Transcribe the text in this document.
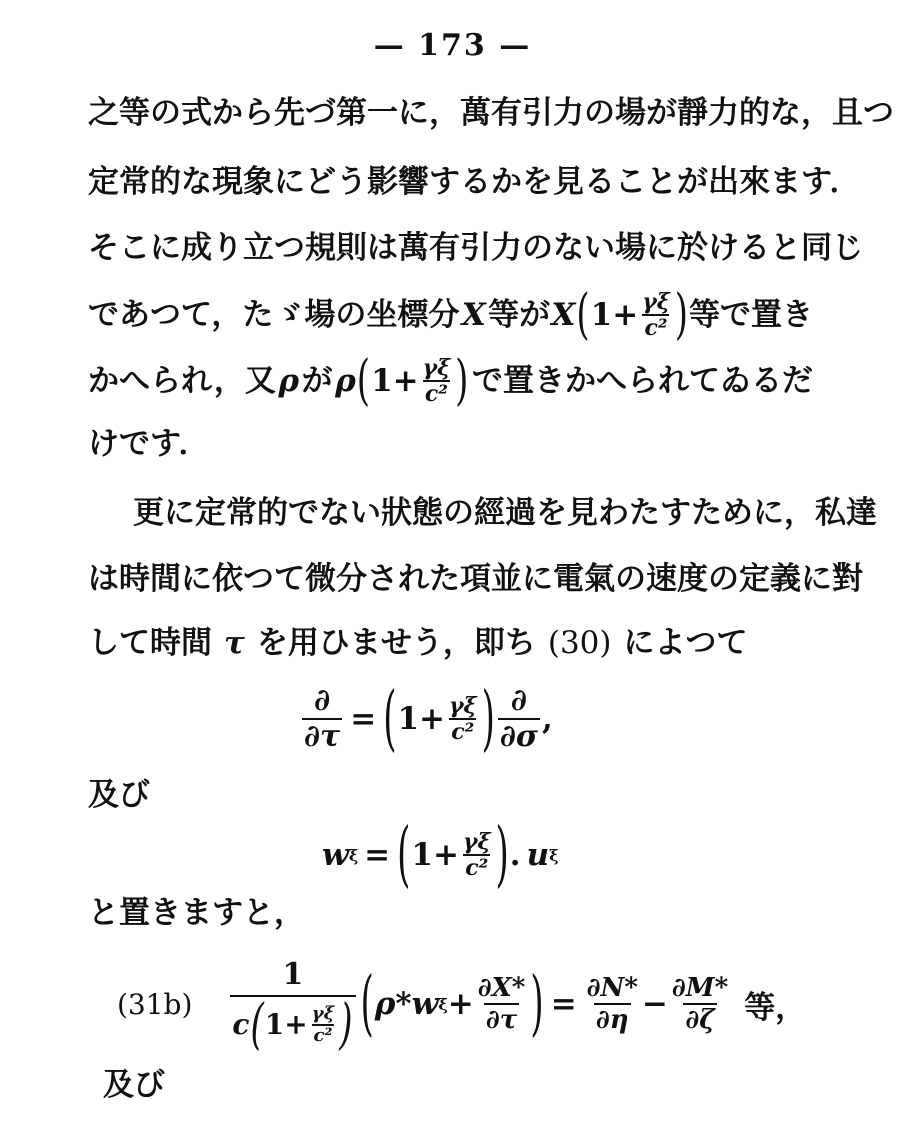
— 173 —
之等の式から先づ第一に，萬有引力の場が靜力的な，且つ
定常的な現象にどう影響するかを見ることが出來ます．
そこに成り立つ規則は萬有引力のない場に於けると同じ
であつて，たゞ場の坐標分 X 等が X ( $1+ \frac{\gamma\xi}{\text{c²}}$ ) 等で置き
かへられ，又 ρ が ρ ( $1+ \frac{\gamma\xi}{\text{c²}}$ ) で置きかへられてゐるだ
けです．
更に定常的でない狀態の經過を見わたすために，私達
は時間に依つて微分された項並に電氣の速度の定義に對
して時間 τ を用ひませう，即ち (30) によつて
$\frac{\partial}{\partial\tau}$ = ( $1+ \frac{\gamma\xi}{\text{c²}}$ ) $\frac{\partial}{\partial\sigma}$ ,
及び
w ξ = ( $1+ \frac{\gamma\xi}{\text{c²}}$ ) . u ξ
と置きますと，
(31b)
1
c ( $1+ \frac{\gamma\xi}{\text{c²}}$ ) ( ρ* w $\xi + \frac{\partial X*}{\partial\tau}$ ) = $\frac{\partial N*}{\partial\eta} - \frac{\partial M*}{\partial\zeta}$ 等，
及び
